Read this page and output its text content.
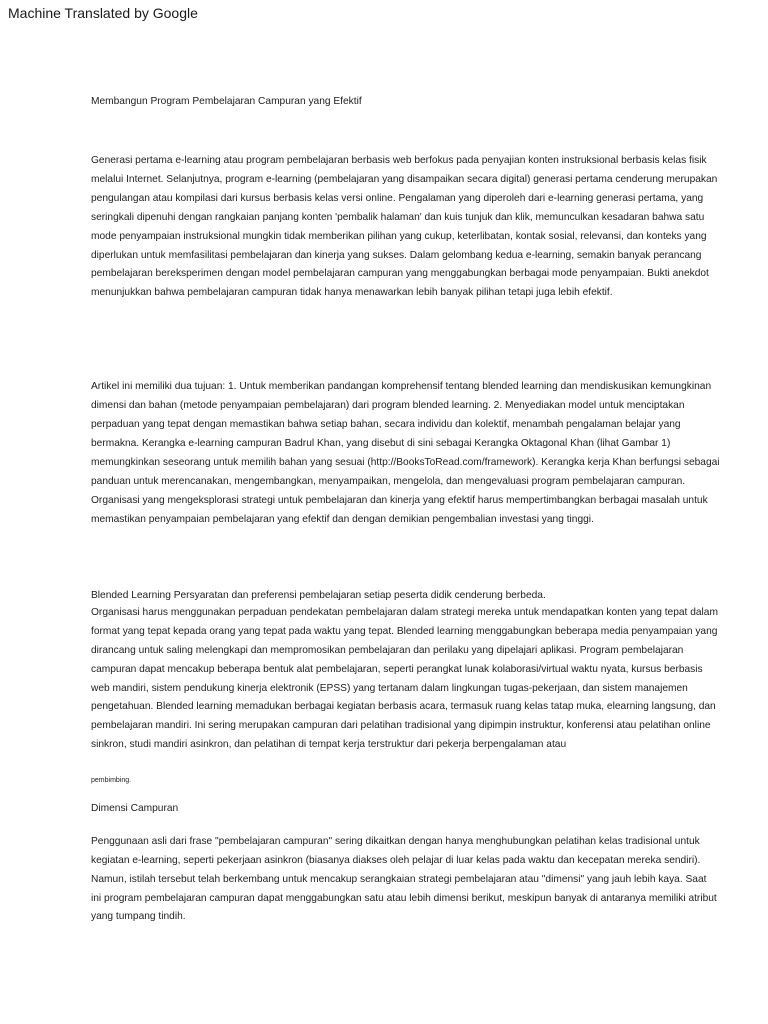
Machine Translated by Google
Membangun Program Pembelajaran Campuran yang Efektif
Generasi pertama e-learning atau program pembelajaran berbasis web berfokus pada penyajian konten instruksional berbasis kelas fisik
melalui Internet. Selanjutnya, program e-learning (pembelajaran yang disampaikan secara digital) generasi pertama cenderung merupakan
pengulangan atau kompilasi dari kursus berbasis kelas versi online. Pengalaman yang diperoleh dari e-learning generasi pertama, yang
seringkali dipenuhi dengan rangkaian panjang konten 'pembalik halaman' dan kuis tunjuk dan klik, memunculkan kesadaran bahwa satu
mode penyampaian instruksional mungkin tidak memberikan pilihan yang cukup, keterlibatan, kontak sosial, relevansi, dan konteks yang
diperlukan untuk memfasilitasi pembelajaran dan kinerja yang sukses. Dalam gelombang kedua e-learning, semakin banyak perancang
pembelajaran bereksperimen dengan model pembelajaran campuran yang menggabungkan berbagai mode penyampaian. Bukti anekdot
menunjukkan bahwa pembelajaran campuran tidak hanya menawarkan lebih banyak pilihan tetapi juga lebih efektif.
Artikel ini memiliki dua tujuan: 1. Untuk memberikan pandangan komprehensif tentang blended learning dan mendiskusikan kemungkinan
dimensi dan bahan (metode penyampaian pembelajaran) dari program blended learning. 2. Menyediakan model untuk menciptakan
perpaduan yang tepat dengan memastikan bahwa setiap bahan, secara individu dan kolektif, menambah pengalaman belajar yang
bermakna. Kerangka e-learning campuran Badrul Khan, yang disebut di sini sebagai Kerangka Oktagonal Khan (lihat Gambar 1)
memungkinkan seseorang untuk memilih bahan yang sesuai (http://BooksToRead.com/framework). Kerangka kerja Khan berfungsi sebagai
panduan untuk merencanakan, mengembangkan, menyampaikan, mengelola, dan mengevaluasi program pembelajaran campuran.
Organisasi yang mengeksplorasi strategi untuk pembelajaran dan kinerja yang efektif harus mempertimbangkan berbagai masalah untuk
memastikan penyampaian pembelajaran yang efektif dan dengan demikian pengembalian investasi yang tinggi.
Blended Learning Persyaratan dan preferensi pembelajaran setiap peserta didik cenderung berbeda.
Organisasi harus menggunakan perpaduan pendekatan pembelajaran dalam strategi mereka untuk mendapatkan konten yang tepat dalam
format yang tepat kepada orang yang tepat pada waktu yang tepat. Blended learning menggabungkan beberapa media penyampaian yang
dirancang untuk saling melengkapi dan mempromosikan pembelajaran dan perilaku yang dipelajari aplikasi. Program pembelajaran
campuran dapat mencakup beberapa bentuk alat pembelajaran, seperti perangkat lunak kolaborasi/virtual waktu nyata, kursus berbasis
web mandiri, sistem pendukung kinerja elektronik (EPSS) yang tertanam dalam lingkungan tugas-pekerjaan, dan sistem manajemen
pengetahuan. Blended learning memadukan berbagai kegiatan berbasis acara, termasuk ruang kelas tatap muka, elearning langsung, dan
pembelajaran mandiri. Ini sering merupakan campuran dari pelatihan tradisional yang dipimpin instruktur, konferensi atau pelatihan online
sinkron, studi mandiri asinkron, dan pelatihan di tempat kerja terstruktur dari pekerja berpengalaman atau
pembimbing.
Dimensi Campuran
Penggunaan asli dari frase "pembelajaran campuran" sering dikaitkan dengan hanya menghubungkan pelatihan kelas tradisional untuk
kegiatan e-learning, seperti pekerjaan asinkron (biasanya diakses oleh pelajar di luar kelas pada waktu dan kecepatan mereka sendiri).
Namun, istilah tersebut telah berkembang untuk mencakup serangkaian strategi pembelajaran atau "dimensi" yang jauh lebih kaya. Saat
ini program pembelajaran campuran dapat menggabungkan satu atau lebih dimensi berikut, meskipun banyak di antaranya memiliki atribut
yang tumpang tindih.
